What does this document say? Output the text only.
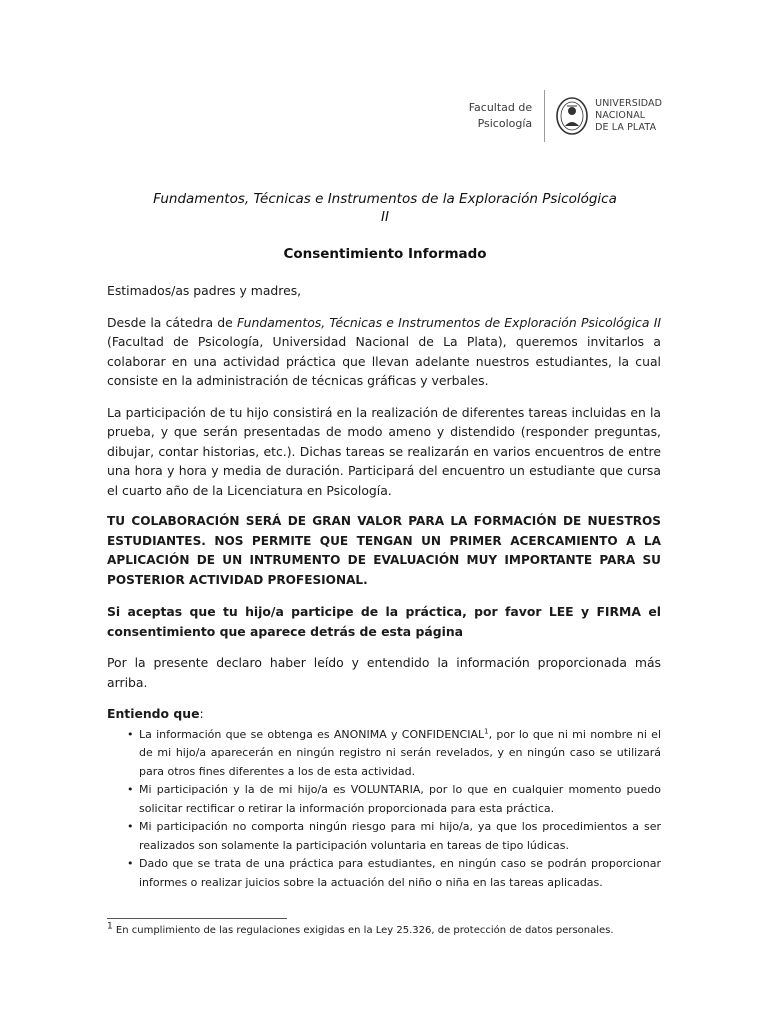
Facultad de
Psicología
UNIVERSIDAD
NACIONAL
DE LA PLATA
Fundamentos, Técnicas e Instrumentos de la Exploración Psicológica
II
Consentimiento Informado

Estimados/as padres y madres,

Desde la cátedra de Fundamentos, Técnicas e Instrumentos de Exploración Psicológica II (Facultad de Psicología, Universidad Nacional de La Plata), queremos invitarlos a colaborar en una actividad práctica que llevan adelante nuestros estudiantes, la cual consiste en la administración de técnicas gráficas y verbales.

La participación de tu hijo consistirá en la realización de diferentes tareas incluidas en la prueba, y que serán presentadas de modo ameno y distendido (responder preguntas, dibujar, contar historias, etc.). Dichas tareas se realizarán en varios encuentros de entre una hora y hora y media de duración. Participará del encuentro un estudiante que cursa el cuarto año de la Licenciatura en Psicología.

TU COLABORACIÓN SERÁ DE GRAN VALOR PARA LA FORMACIÓN DE NUESTROS ESTUDIANTES. NOS PERMITE QUE TENGAN UN PRIMER ACERCAMIENTO A LA APLICACIÓN DE UN INTRUMENTO DE EVALUACIÓN MUY IMPORTANTE PARA SU POSTERIOR ACTIVIDAD PROFESIONAL.

Si aceptas que tu hijo/a participe de la práctica, por favor LEE y FIRMA el consentimiento que aparece detrás de esta página

Por la presente declaro haber leído y entendido la información proporcionada más arriba.

Entiendo que:

• La información que se obtenga es ANONIMA y CONFIDENCIAL$^1$, por lo que ni mi nombre ni el de mi hijo/a aparecerán en ningún registro ni serán revelados, y en ningún caso se utilizará para otros fines diferentes a los de esta actividad.
• Mi participación y la de mi hijo/a es VOLUNTARIA, por lo que en cualquier momento puedo solicitar rectificar o retirar la información proporcionada para esta práctica.
• Mi participación no comporta ningún riesgo para mi hijo/a, ya que los procedimientos a ser realizados son solamente la participación voluntaria en tareas de tipo lúdicas.
• Dado que se trata de una práctica para estudiantes, en ningún caso se podrán proporcionar informes o realizar juicios sobre la actuación del niño o niña en las tareas aplicadas.
$^1$ En cumplimiento de las regulaciones exigidas en la Ley 25.326, de protección de datos personales.
